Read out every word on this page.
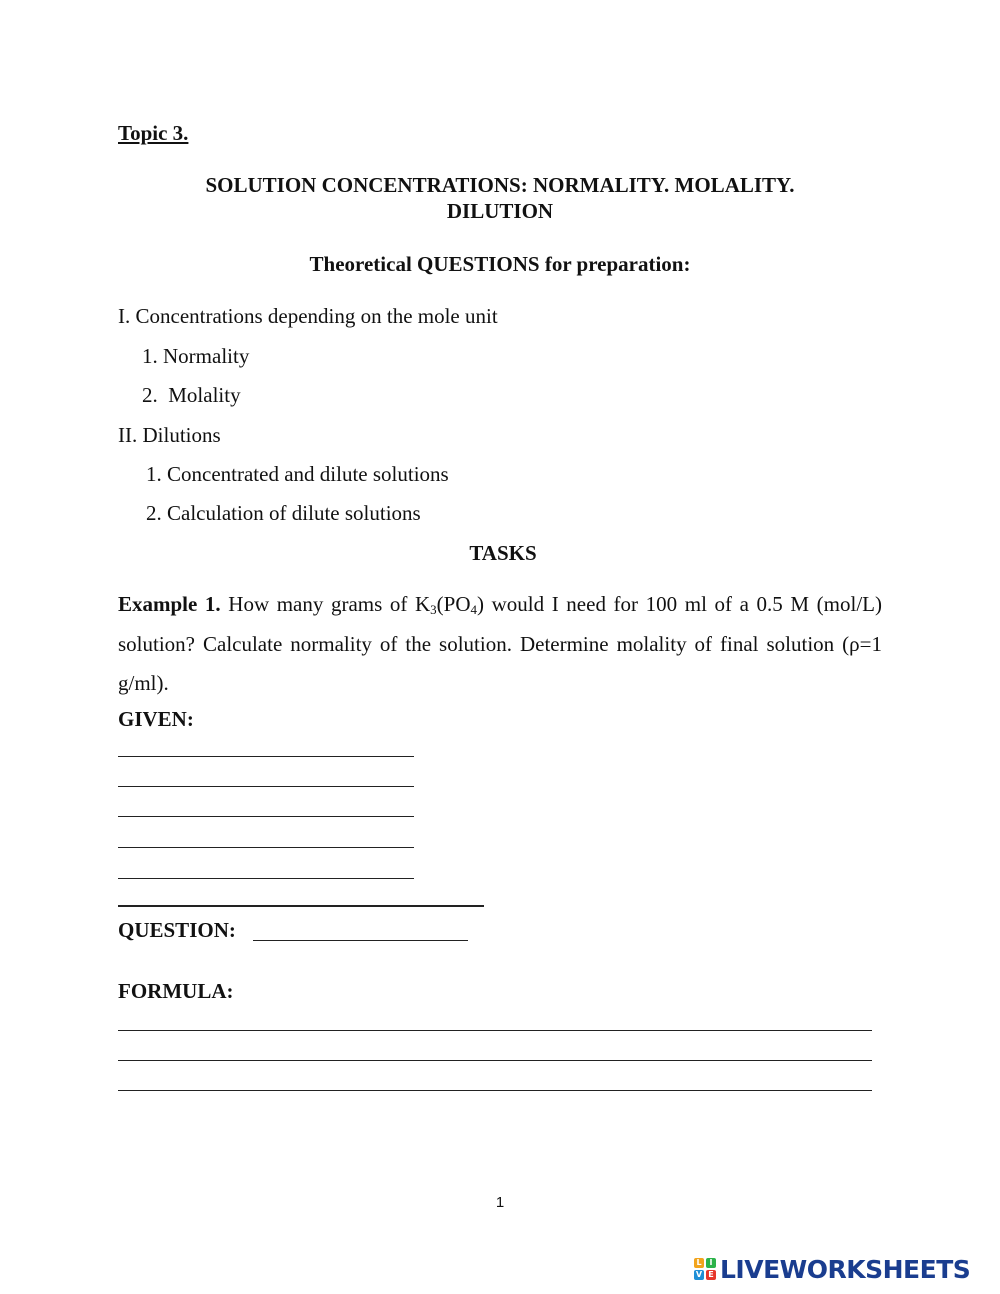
Topic 3.
SOLUTION CONCENTRATIONS: NORMALITY. MOLALITY.
DILUTION
Theoretical QUESTIONS for preparation:
I. Concentrations depending on the mole unit
1. Normality
2.  Molality
II. Dilutions
1. Concentrated and dilute solutions
2. Calculation of dilute solutions
TASKS
Example 1. How many grams of $K_3(PO_4)$ would I need for 100 ml of a 0.5 M (mol/L) solution? Calculate normality of the solution. Determine molality of final solution (ρ=1 g/ml).
GIVEN:
QUESTION:
FORMULA:
1
L I
V E LIVEWORKSHEETS
